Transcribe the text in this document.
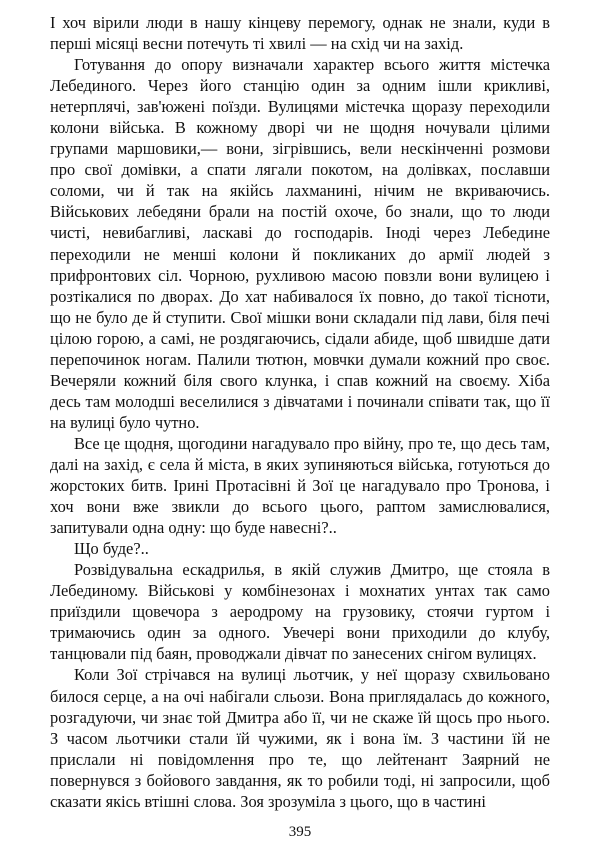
І хоч вірили люди в нашу кінцеву перемогу, однак не знали, куди в перші місяці весни потечуть ті хвилі — на схід чи на захід.

Готування до опору визначали характер всього життя містечка Лебединого. Через його станцію один за одним ішли крикливі, нетерплячі, зав'южені поїзди. Вулицями містечка щоразу переходили колони війська. В кожному дворі чи не щодня ночували цілими групами маршовики,— вони, зігрівшись, вели нескінченні розмови про свої домівки, а спати лягали покотом, на долівках, пославши соломи, чи й так на якійсь лахманині, нічим не вкриваючись. Військових лебедяни брали на постій охоче, бо знали, що то люди чисті, невибагливі, ласкаві до господарів. Іноді через Лебедине переходили не менші колони й покликаних до армії людей з прифронтових сіл. Чорною, рухливою масою повзли вони вулицею і розтікалися по дворах. До хат набивалося їх повно, до такої тісноти, що не було де й ступити. Свої мішки вони складали під лави, біля печі цілою горою, а самі, не роздягаючись, сідали абиде, щоб швидше дати перепочинок ногам. Палили тютюн, мовчки думали кожний про своє. Вечеряли кожний біля свого клунка, і спав кожний на своєму. Хіба десь там молодші веселилися з дівчатами і починали співати так, що її на вулиці було чутно.

Все це щодня, щогодини нагадувало про війну, про те, що десь там, далі на захід, є села й міста, в яких зупиняються війська, готуються до жорстоких битв. Ірині Протасівні й Зої це нагадувало про Тронова, і хоч вони вже звикли до всього цього, раптом замислювалися, запитували одна одну: що буде навесні?..

Що буде?..

Розвідувальна ескадрилья, в якій служив Дмитро, ще стояла в Лебединому. Військові у комбінезонах і мохнатих унтах так само приїздили щовечора з аеродрому на грузовику, стоячи гуртом і тримаючись один за одного. Увечері вони приходили до клубу, танцювали під баян, проводжали дівчат по занесених снігом вулицях.

Коли Зої стрічався на вулиці льотчик, у неї щоразу схвильовано билося серце, а на очі набігали сльози. Вона приглядалась до кожного, розгадуючи, чи знає той Дмитра або її, чи не скаже їй щось про нього. З часом льотчики стали їй чужими, як і вона їм. З частини їй не прислали ні повідомлення про те, що лейтенант Заярний не повернувся з бойового завдання, як то робили тоді, ні запросили, щоб сказати якісь втішні слова. Зоя зрозуміла з цього, що в частині

395
